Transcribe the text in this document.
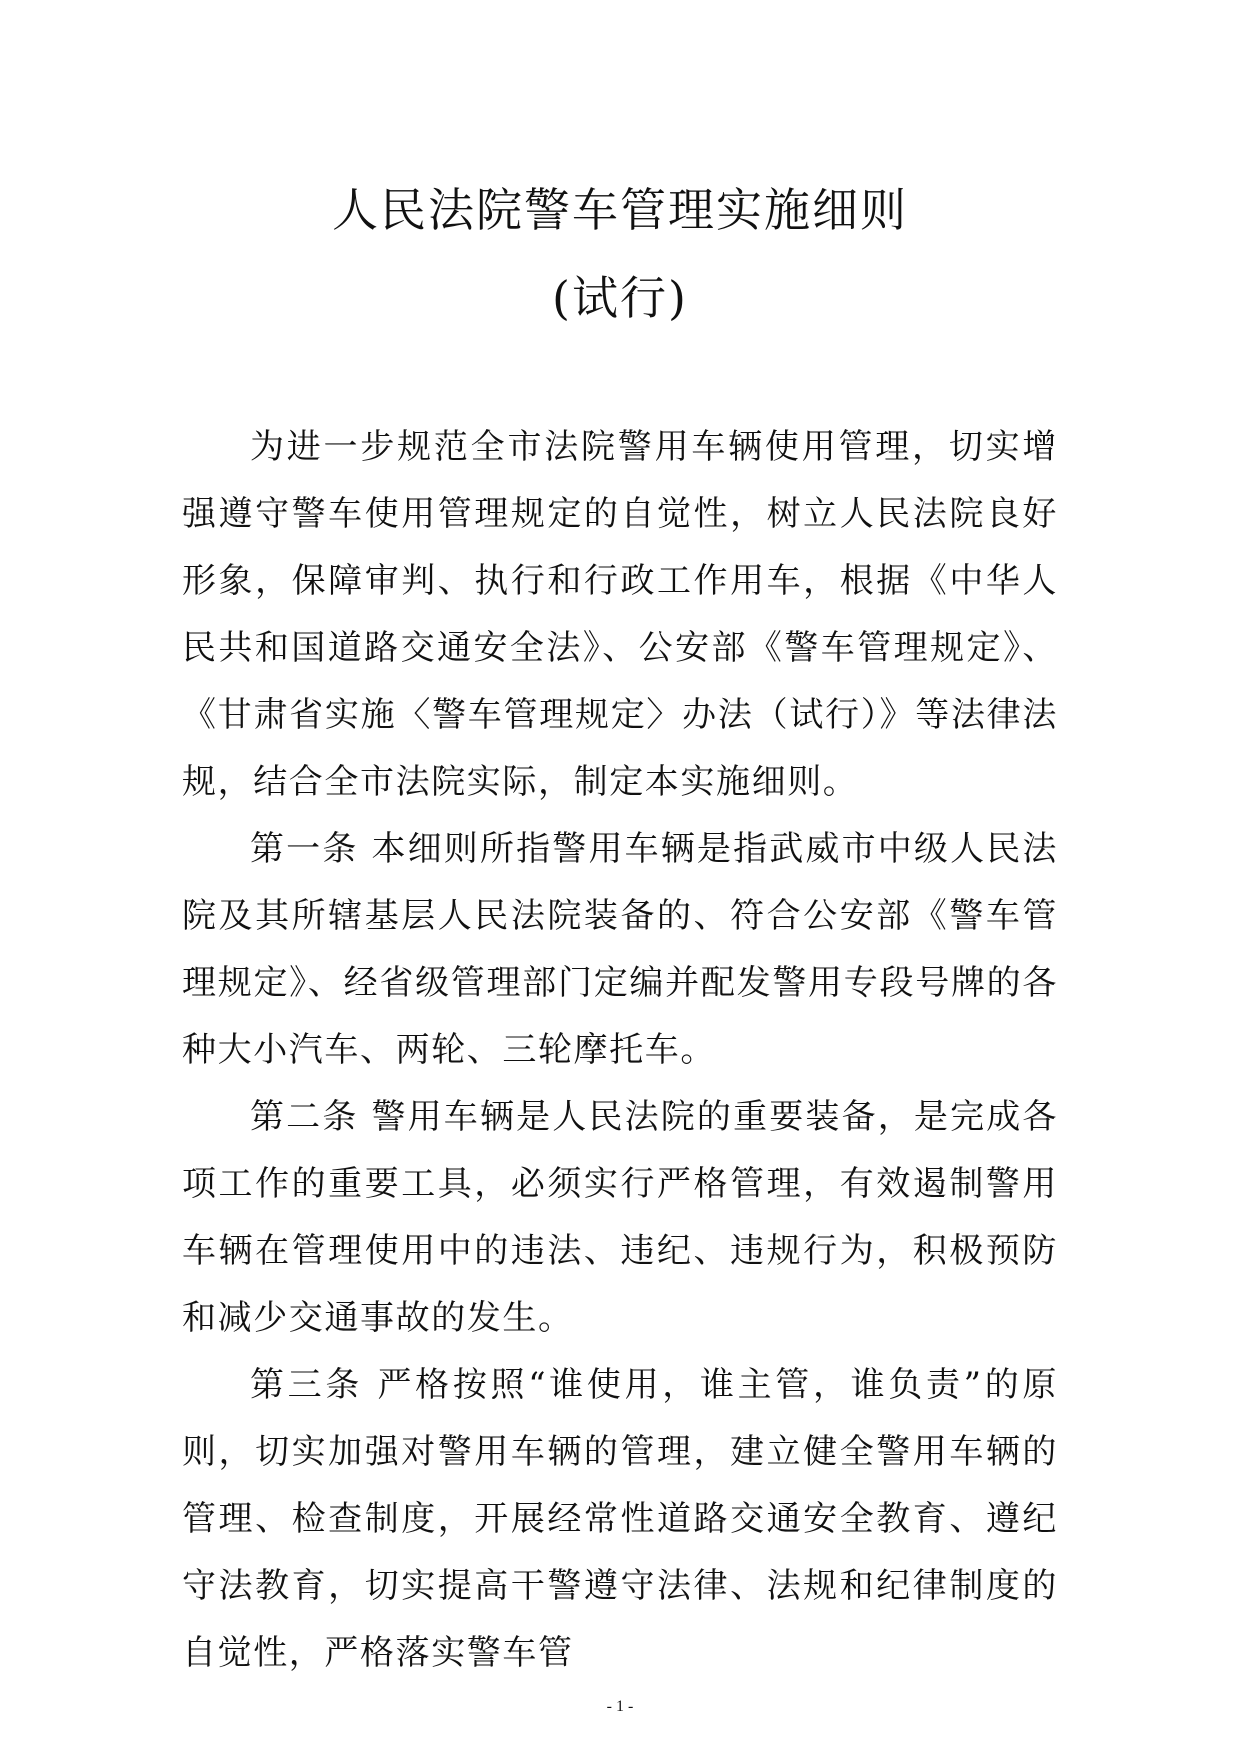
人民法院警车管理实施细则
(试行)

为进一步规范全市法院警用车辆使用管理，切实增强遵守警车使用管理规定的自觉性，树立人民法院良好形象，保障审判、执行和行政工作用车，根据《中华人民共和国道路交通安全法》、公安部《警车管理规定》、《甘肃省实施〈警车管理规定〉办法（试行）》等法律法规，结合全市法院实际，制定本实施细则。

第一条 本细则所指警用车辆是指武威市中级人民法院及其所辖基层人民法院装备的、符合公安部《警车管理规定》、经省级管理部门定编并配发警用专段号牌的各种大小汽车、两轮、三轮摩托车。

第二条 警用车辆是人民法院的重要装备，是完成各项工作的重要工具，必须实行严格管理，有效遏制警用车辆在管理使用中的违法、违纪、违规行为，积极预防和减少交通事故的发生。

第三条 严格按照“谁使用，谁主管，谁负责”的原则，切实加强对警用车辆的管理，建立健全警用车辆的管理、检查制度，开展经常性道路交通安全教育、遵纪守法教育，切实提高干警遵守法律、法规和纪律制度的自觉性，严格落实警车管

- 1 -
